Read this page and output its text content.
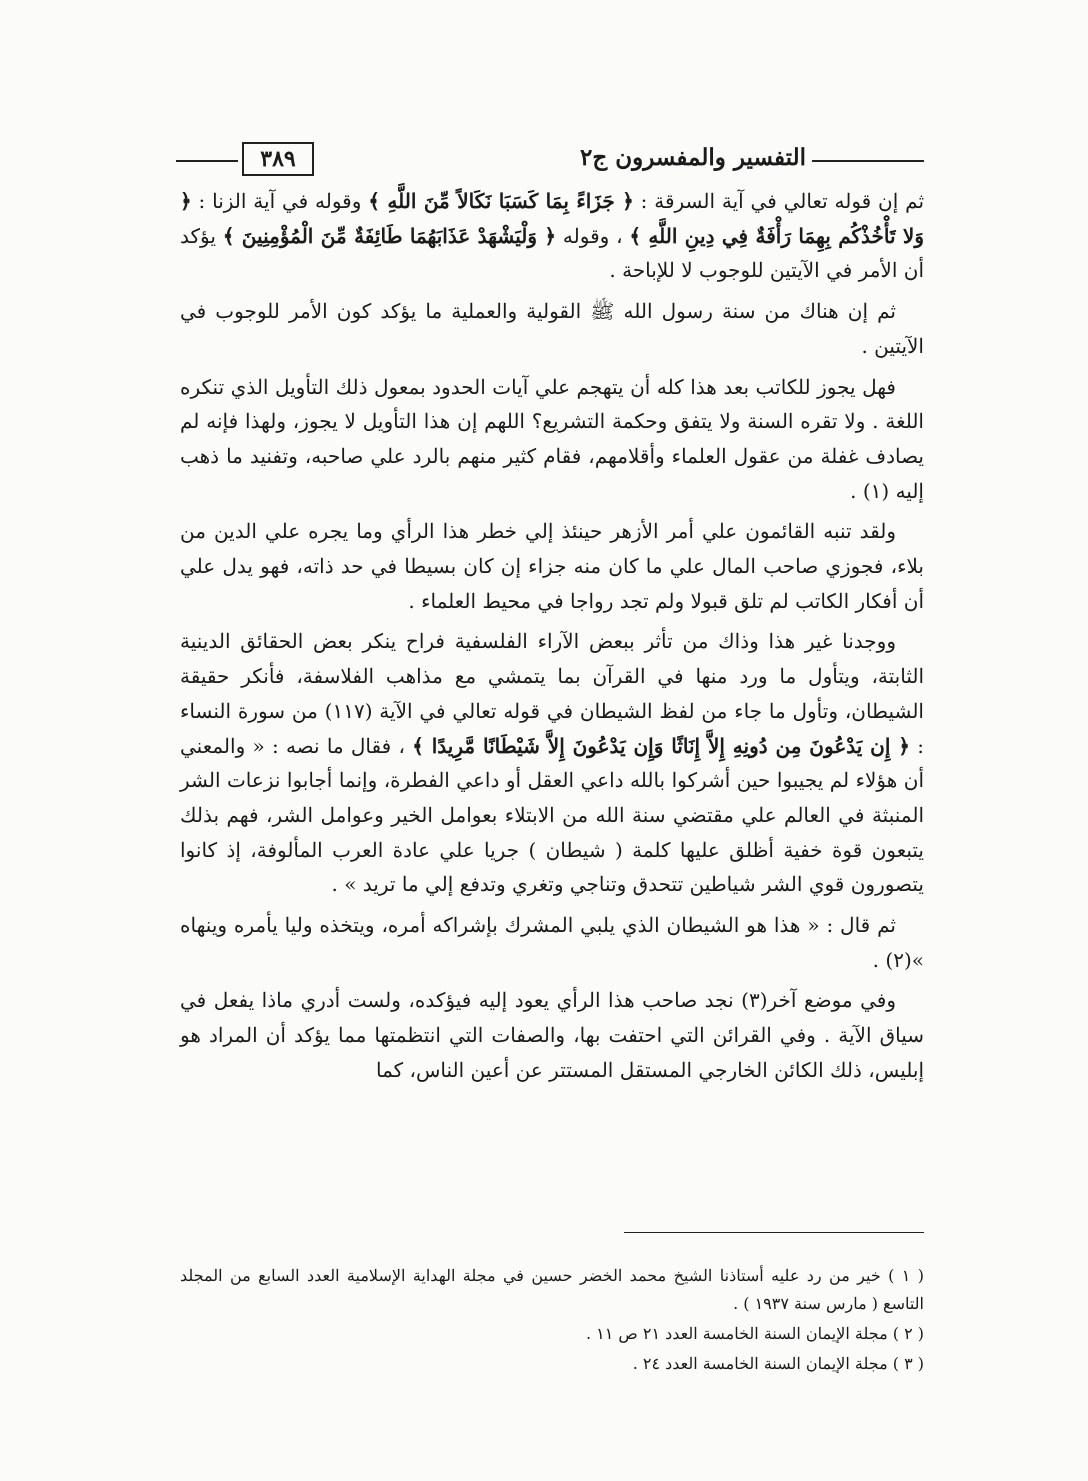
التفسير والمفسرون ج٢
٣٨٩

ثم إن قوله تعالي في آية السرقة : ﴿ جَزَاءً بِمَا كَسَبَا نَكَالاً مِّنَ اللَّهِ ﴾ وقوله في آية الزنا : ﴿ وَلا تَأْخُذْكُم بِهِمَا رَأْفَةٌ فِي دِينِ اللَّهِ ﴾ ، وقوله ﴿ وَلْيَشْهَدْ عَذَابَهُمَا طَائِفَةٌ مِّنَ الْمُؤْمِنِينَ ﴾ يؤكد أن الأمر في الآيتين للوجوب لا للإباحة .

ثم إن هناك من سنة رسول الله ﷺ القولية والعملية ما يؤكد كون الأمر للوجوب في الآيتين .

فهل يجوز للكاتب بعد هذا كله أن يتهجم علي آيات الحدود بمعول ذلك التأويل الذي تنكره اللغة . ولا تقره السنة ولا يتفق وحكمة التشريع؟ اللهم إن هذا التأويل لا يجوز، ولهذا فإنه لم يصادف غفلة من عقول العلماء وأقلامهم، فقام كثير منهم بالرد علي صاحبه، وتفنيد ما ذهب إليه (١) .

ولقد تنبه القائمون علي أمر الأزهر حينئذ إلي خطر هذا الرأي وما يجره علي الدين من بلاء، فجوزي صاحب المال علي ما كان منه جزاء إن كان بسيطا في حد ذاته، فهو يدل علي أن أفكار الكاتب لم تلق قبولا ولم تجد رواجا في محيط العلماء .

ووجدنا غير هذا وذاك من تأثر ببعض الآراء الفلسفية فراح ينكر بعض الحقائق الدينية الثابتة، ويتأول ما ورد منها في القرآن بما يتمشي مع مذاهب الفلاسفة، فأنكر حقيقة الشيطان، وتأول ما جاء من لفظ الشيطان في قوله تعالي في الآية (١١٧) من سورة النساء : ﴿ إِن يَدْعُونَ مِن دُونِهِ إِلاَّ إِنَاثًا وَإِن يَدْعُونَ إِلاَّ شَيْطَانًا مَّرِيدًا ﴾ ، فقال ما نصه : « والمعني أن هؤلاء لم يجيبوا حين أشركوا بالله داعي العقل أو داعي الفطرة، وإنما أجابوا نزعات الشر المنبثة في العالم علي مقتضي سنة الله من الابتلاء بعوامل الخير وعوامل الشر، فهم بذلك يتبعون قوة خفية أظلق عليها كلمة ( شيطان ) جريا علي عادة العرب المألوفة، إذ كانوا يتصورون قوي الشر شياطين تتحدق وتناجي وتغري وتدفع إلي ما تريد » .

ثم قال : « هذا هو الشيطان الذي يلبي المشرك بإشراكه أمره، ويتخذه وليا يأمره وينهاه »(٢) .

وفي موضع آخر(٣) نجد صاحب هذا الرأي يعود إليه فيؤكده، ولست أدري ماذا يفعل في سياق الآية . وفي القرائن التي احتفت بها، والصفات التي انتظمتها مما يؤكد أن المراد هو إبليس، ذلك الكائن الخارجي المستقل المستتر عن أعين الناس، كما

( ١ ) خير من رد عليه أستاذنا الشيخ محمد الخضر حسين في مجلة الهداية الإسلامية العدد السابع من المجلد التاسع ( مارس سنة ١٩٣٧ ) .

( ٢ ) مجلة الإيمان السنة الخامسة العدد ٢١ ص ١١ .

( ٣ ) مجلة الإيمان السنة الخامسة العدد ٢٤ .
